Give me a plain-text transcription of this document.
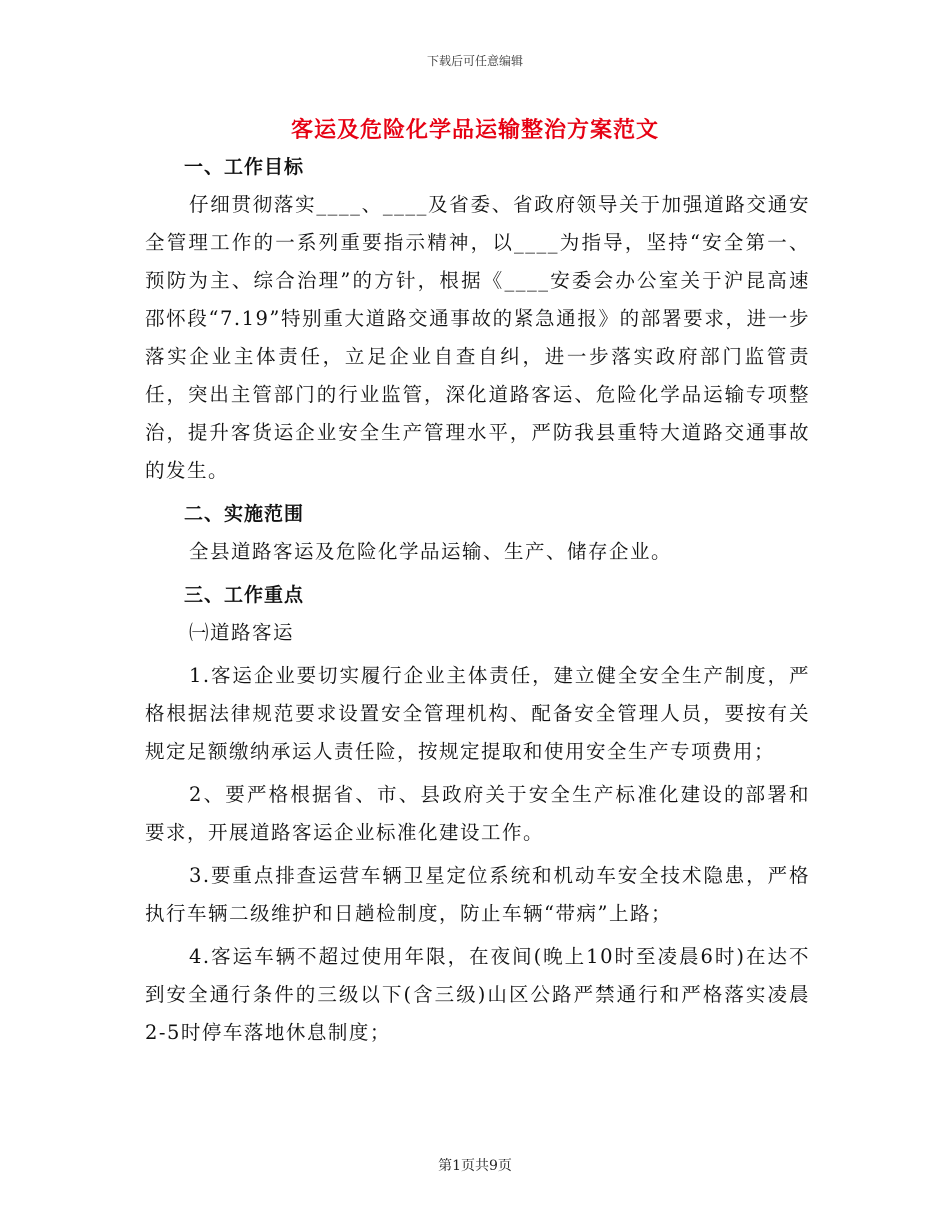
下载后可任意编辑
客运及危险化学品运输整治方案范文

一、工作目标

仔细贯彻落实____、____及省委、省政府领导关于加强道路交通安全管理工作的一系列重要指示精神，以____为指导，坚持“安全第一、预防为主、综合治理”的方针，根据《____安委会办公室关于沪昆高速邵怀段“7.19”特别重大道路交通事故的紧急通报》的部署要求，进一步落实企业主体责任，立足企业自查自纠，进一步落实政府部门监管责任，突出主管部门的行业监管，深化道路客运、危险化学品运输专项整治，提升客货运企业安全生产管理水平，严防我县重特大道路交通事故的发生。

二、实施范围

全县道路客运及危险化学品运输、生产、储存企业。

三、工作重点

㈠道路客运

1.客运企业要切实履行企业主体责任，建立健全安全生产制度，严格根据法律规范要求设置安全管理机构、配备安全管理人员，要按有关规定足额缴纳承运人责任险，按规定提取和使用安全生产专项费用；

2、要严格根据省、市、县政府关于安全生产标准化建设的部署和要求，开展道路客运企业标准化建设工作。

3.要重点排查运营车辆卫星定位系统和机动车安全技术隐患，严格执行车辆二级维护和日趟检制度，防止车辆“带病”上路；

4.客运车辆不超过使用年限，在夜间(晚上10时至凌晨6时)在达不到安全通行条件的三级以下(含三级)山区公路严禁通行和严格落实凌晨2-5时停车落地休息制度；

第1页共9页
